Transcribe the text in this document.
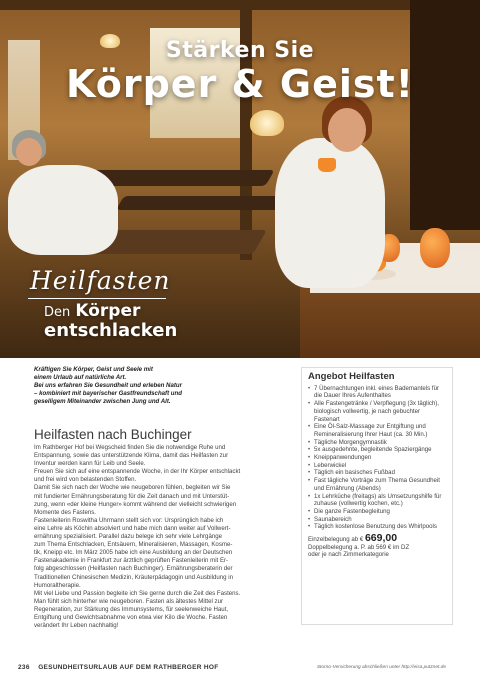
Stärken Sie
Körper & Geist!
Heilfasten
Den Körper
entschlacken
Kräftigen Sie Körper, Geist und Seele mit
einem Urlaub auf natürliche Art.
Bei uns erfahren Sie Gesundheit und erleben Natur
– kombiniert mit bayerischer Gastfreundschaft und
geselligem Miteinander zwischen Jung und Alt.
Heilfasten nach Buchinger
Im Rathberger Hof bei Wegscheid finden Sie die notwendige Ruhe und
Entspannung, sowie das unterstützende Klima, damit das Heilfasten zur
Inventur werden kann für Leib und Seele.
Freuen Sie sich auf eine entspannende Woche, in der Ihr Körper entschlackt
und frei wird von belastenden Stoffen.
Damit Sie sich nach der Woche wie neugeboren fühlen, begleiten wir Sie
mit fundierter Ernährungsberatung für die Zeit danach und mit Unterstüt-
zung, wenn «der kleine Hunger» kommt während der vielleicht schwierigen
Momente des Fastens.
Fastenleiterin Roswitha Uhrmann stellt sich vor: Ursprünglich habe ich
eine Lehre als Köchin absolviert und habe mich dann weiter auf Vollwert-
ernährung spezialisiert. Parallel dazu belege ich sehr viele Lehrgänge
zum Thema Entschlacken, Entsäuern, Mineralisieren, Massagen, Kosme-
tik, Kneipp etc. Im März 2005 habe ich eine Ausbildung an der Deutschen
Fastenakademie in Frankfurt zur ärztlich geprüften Fastenleiterin mit Er-
folg abgeschlossen (Heilfasten nach Buchinger). Ernährungsberaterin der
Traditionellen Chinesischen Medizin, Kräuterpädagogin und Ausbildung in
Humoraltherapie.
Mit viel Liebe und Passion begleite ich Sie gerne durch die Zeit des Fastens.
Man fühlt sich hinterher wie neugeboren. Fasten als ältestes Mittel zur
Regeneration, zur Stärkung des Immunsystems, für seelenweiche Haut,
Entgiftung und Gewichtsabnahme von etwa vier Kilo die Woche. Fasten
verändert Ihr Leben nachhaltig!
Angebot Heilfasten
• 7 Übernachtungen inkl. eines Bademantels für die Dauer Ihres Aufenthaltes
• Alle Fastengetränke / Verpflegung (3x täglich), biologisch vollwertig, je nach gebuchter Fastenart
• Eine Öl-Salz-Massage zur Entgiftung und Remineralisierung Ihrer Haut (ca. 30 Min.)
• Tägliche Morgengymnastik
• 5x ausgedehnte, begleitende Spaziergänge
• Kneippanwendungen
• Leberwickel
• Täglich ein basisches Fußbad
• Fast tägliche Vorträge zum Thema Gesundheit und Ernährung (Abends)
• 1x Lehrküche (freitags) als Umsetzungshilfe für zuhause (vollwertig kochen, etc.)
• Die ganze Fastenbegleitung
• Saunabereich
• Täglich kostenlose Benutzung des Whirlpools
Einzelbelegung ab € 669,00
Doppelbelegung a. P. ab 569 € im DZ
oder je nach Zimmerkategorie
236 GESUNDHEITSURLAUB AUF DEM RATHBERGER HOF	Storno-Versicherung abschließen unter http://eisa.putznet.de
